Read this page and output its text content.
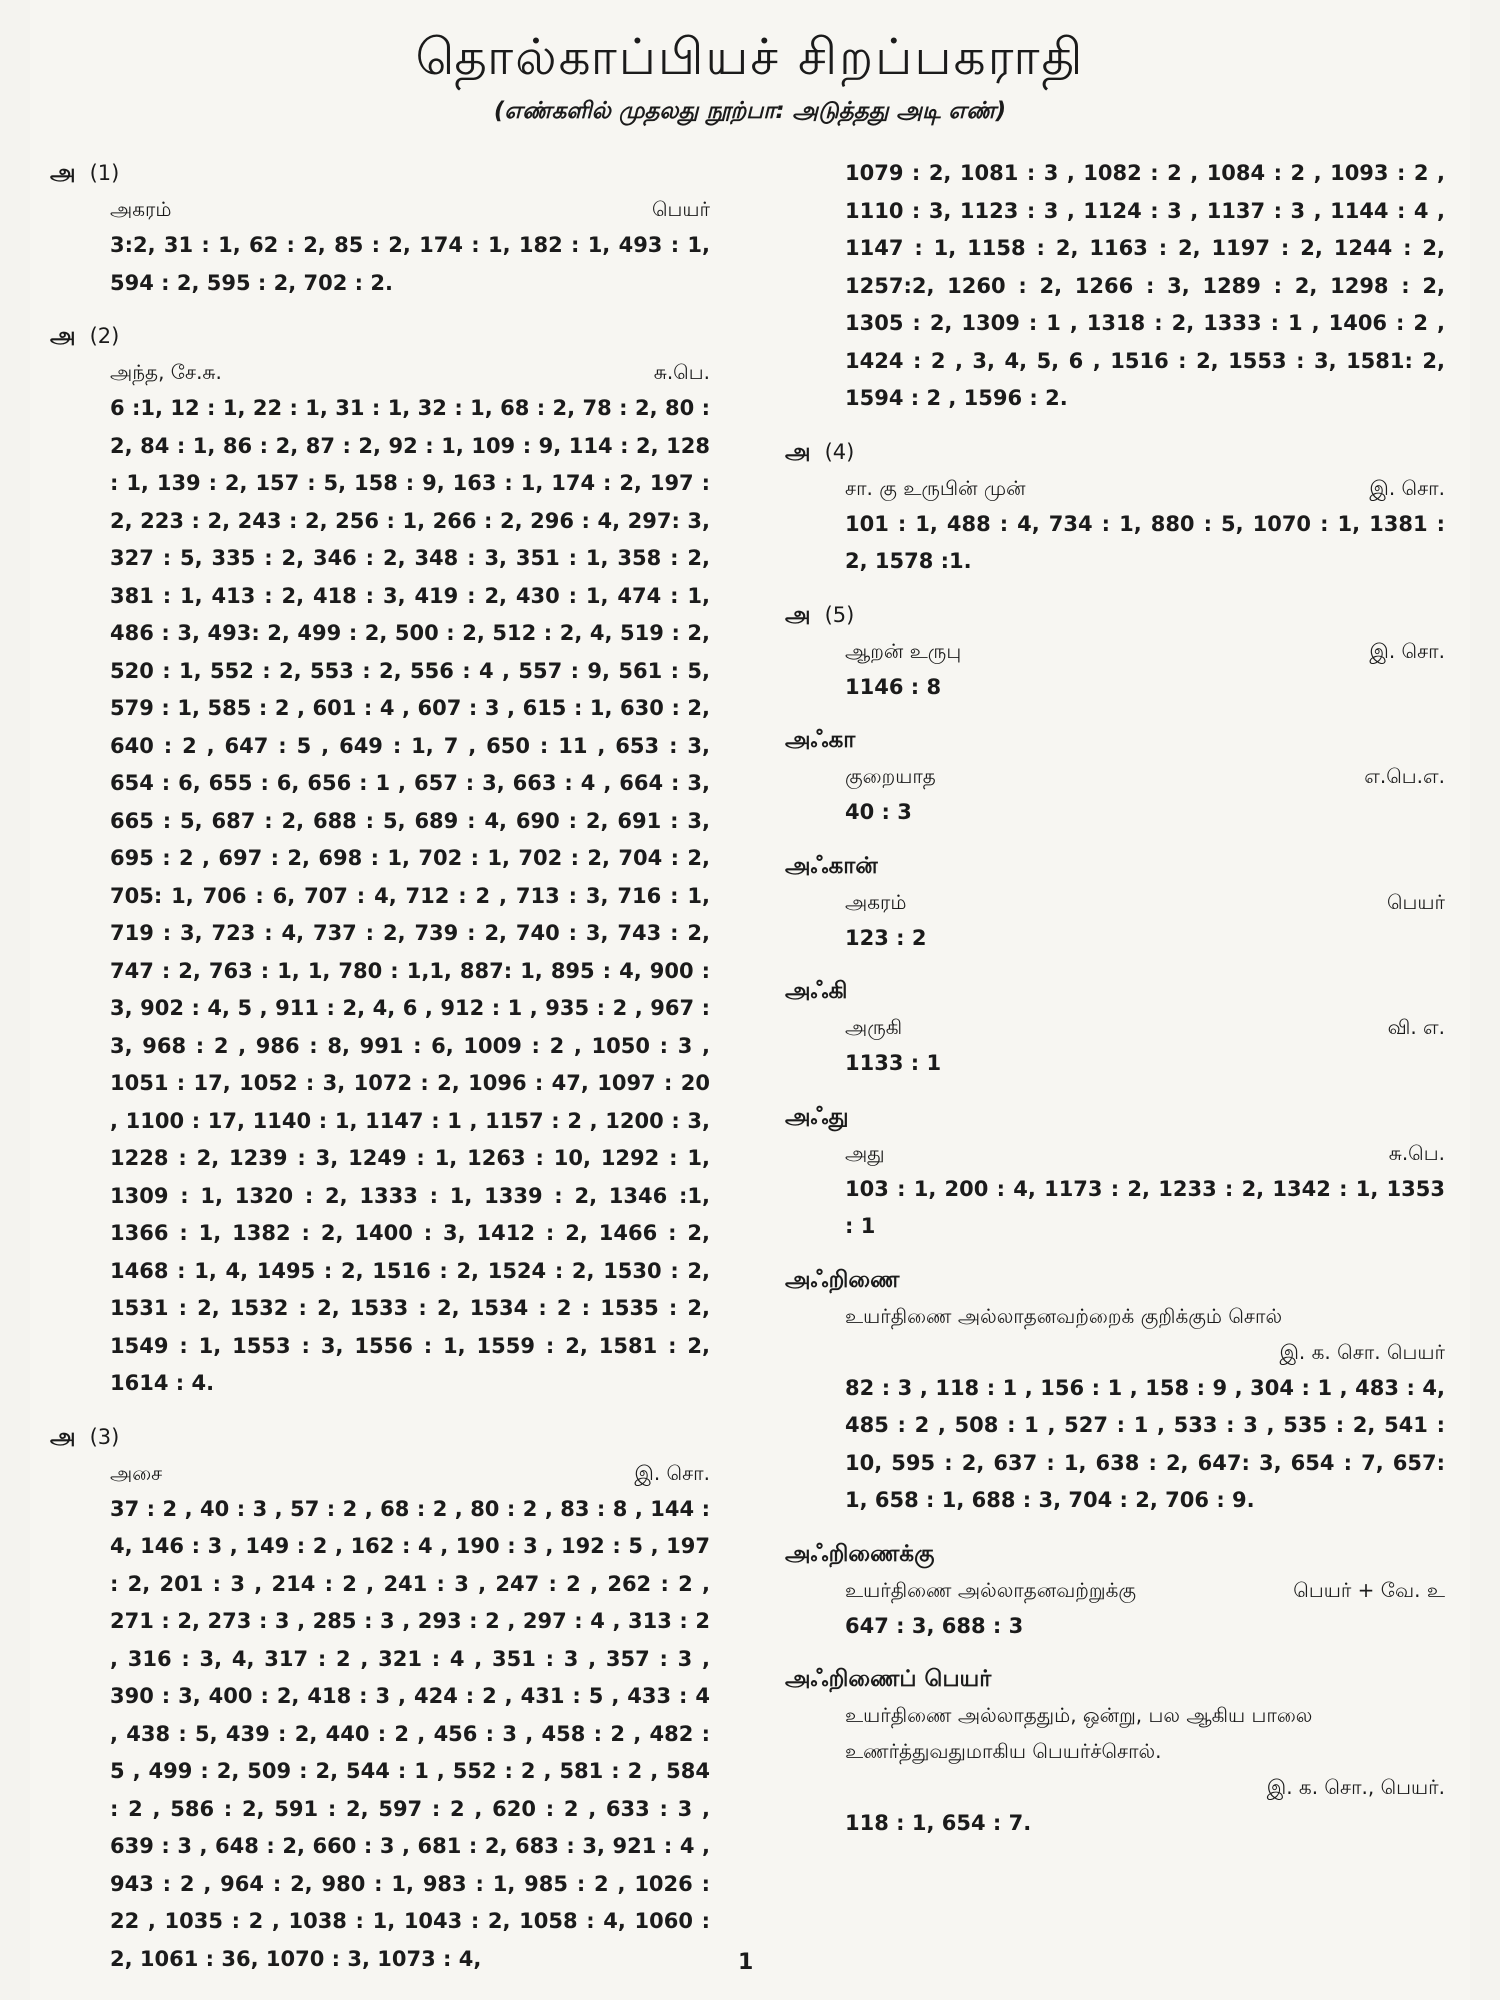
தொல்காப்பியச் சிறப்பகராதி
(எண்களில் முதலது நூற்பா: அடுத்தது அடி எண்)
அ (1)
அகரம்	பெயர்
3:2, 31 : 1, 62 : 2, 85 : 2, 174 : 1, 182 : 1, 493 : 1, 594 : 2, 595 : 2, 702 : 2.
அ (2)
அந்த, சே.சு.	சு.பெ.
6 :1, 12 : 1, 22 : 1, 31 : 1, 32 : 1, 68 : 2, 78 : 2, 80 : 2, 84 : 1, 86 : 2, 87 : 2, 92 : 1, 109 : 9, 114 : 2, 128 : 1, 139 : 2, 157 : 5, 158 : 9, 163 : 1, 174 : 2, 197 : 2, 223 : 2, 243 : 2, 256 : 1, 266 : 2, 296 : 4, 297: 3, 327 : 5, 335 : 2, 346 : 2, 348 : 3, 351 : 1, 358 : 2, 381 : 1, 413 : 2, 418 : 3, 419 : 2, 430 : 1, 474 : 1, 486 : 3, 493: 2, 499 : 2, 500 : 2, 512 : 2, 4, 519 : 2, 520 : 1, 552 : 2, 553 : 2, 556 : 4 , 557 : 9, 561 : 5, 579 : 1, 585 : 2 , 601 : 4 , 607 : 3 , 615 : 1, 630 : 2, 640 : 2 , 647 : 5 , 649 : 1, 7 , 650 : 11 , 653 : 3, 654 : 6, 655 : 6, 656 : 1 , 657 : 3, 663 : 4 , 664 : 3, 665 : 5, 687 : 2, 688 : 5, 689 : 4, 690 : 2, 691 : 3, 695 : 2 , 697 : 2, 698 : 1, 702 : 1, 702 : 2, 704 : 2, 705: 1, 706 : 6, 707 : 4, 712 : 2 , 713 : 3, 716 : 1, 719 : 3, 723 : 4, 737 : 2, 739 : 2, 740 : 3, 743 : 2, 747 : 2, 763 : 1, 1, 780 : 1,1, 887: 1, 895 : 4, 900 : 3, 902 : 4, 5 , 911 : 2, 4, 6 , 912 : 1 , 935 : 2 , 967 : 3, 968 : 2 , 986 : 8, 991 : 6, 1009 : 2 , 1050 : 3 , 1051 : 17, 1052 : 3, 1072 : 2, 1096 : 47, 1097 : 20 , 1100 : 17, 1140 : 1, 1147 : 1 , 1157 : 2 , 1200 : 3, 1228 : 2, 1239 : 3, 1249 : 1, 1263 : 10, 1292 : 1, 1309 : 1, 1320 : 2, 1333 : 1, 1339 : 2, 1346 :1, 1366 : 1, 1382 : 2, 1400 : 3, 1412 : 2, 1466 : 2, 1468 : 1, 4, 1495 : 2, 1516 : 2, 1524 : 2, 1530 : 2, 1531 : 2, 1532 : 2, 1533 : 2, 1534 : 2 : 1535 : 2, 1549 : 1, 1553 : 3, 1556 : 1, 1559 : 2, 1581 : 2, 1614 : 4.
அ (3)
அசை	இ. சொ.
37 : 2 , 40 : 3 , 57 : 2 , 68 : 2 , 80 : 2 , 83 : 8 , 144 : 4, 146 : 3 , 149 : 2 , 162 : 4 , 190 : 3 , 192 : 5 , 197 : 2, 201 : 3 , 214 : 2 , 241 : 3 , 247 : 2 , 262 : 2 , 271 : 2, 273 : 3 , 285 : 3 , 293 : 2 , 297 : 4 , 313 : 2 , 316 : 3, 4, 317 : 2 , 321 : 4 , 351 : 3 , 357 : 3 , 390 : 3, 400 : 2, 418 : 3 , 424 : 2 , 431 : 5 , 433 : 4 , 438 : 5, 439 : 2, 440 : 2 , 456 : 3 , 458 : 2 , 482 : 5 , 499 : 2, 509 : 2, 544 : 1 , 552 : 2 , 581 : 2 , 584 : 2 , 586 : 2, 591 : 2, 597 : 2 , 620 : 2 , 633 : 3 , 639 : 3 , 648 : 2, 660 : 3 , 681 : 2, 683 : 3, 921 : 4 , 943 : 2 , 964 : 2, 980 : 1, 983 : 1, 985 : 2 , 1026 : 22 , 1035 : 2 , 1038 : 1, 1043 : 2, 1058 : 4, 1060 : 2, 1061 : 36, 1070 : 3, 1073 : 4,
1079 : 2, 1081 : 3 , 1082 : 2 , 1084 : 2 , 1093 : 2 , 1110 : 3, 1123 : 3 , 1124 : 3 , 1137 : 3 , 1144 : 4 , 1147 : 1, 1158 : 2, 1163 : 2, 1197 : 2, 1244 : 2, 1257:2, 1260 : 2, 1266 : 3, 1289 : 2, 1298 : 2, 1305 : 2, 1309 : 1 , 1318 : 2, 1333 : 1 , 1406 : 2 , 1424 : 2 , 3, 4, 5, 6 , 1516 : 2, 1553 : 3, 1581: 2, 1594 : 2 , 1596 : 2.
அ (4)
சா. கு உருபின் முன்	இ. சொ.
101 : 1, 488 : 4, 734 : 1, 880 : 5, 1070 : 1, 1381 : 2, 1578 :1.
அ (5)
ஆறன் உருபு	இ. சொ.
1146 : 8
அஃகா
குறையாத	எ.பெ.எ.
40 : 3
அஃகான்
அகரம்	பெயர்
123 : 2
அஃகி
அருகி	வி. எ.
1133 : 1
அஃது
அது	சு.பெ.
103 : 1, 200 : 4, 1173 : 2, 1233 : 2, 1342 : 1, 1353 : 1
அஃறிணை
உயர்திணை அல்லாதனவற்றைக் குறிக்கும் சொல்
இ. க. சொ. பெயர்
82 : 3 , 118 : 1 , 156 : 1 , 158 : 9 , 304 : 1 , 483 : 4, 485 : 2 , 508 : 1 , 527 : 1 , 533 : 3 , 535 : 2, 541 : 10, 595 : 2, 637 : 1, 638 : 2, 647: 3, 654 : 7, 657: 1, 658 : 1, 688 : 3, 704 : 2, 706 : 9.
அஃறிணைக்கு
உயர்திணை அல்லாதனவற்றுக்கு	பெயர் + வே. உ
647 : 3, 688 : 3
அஃறிணைப் பெயர்
உயர்திணை அல்லாததும், ஒன்று, பல ஆகிய பாலை உணர்த்துவதுமாகிய பெயர்ச்சொல்.
இ. க. சொ., பெயர்.
118 : 1, 654 : 7.
1
